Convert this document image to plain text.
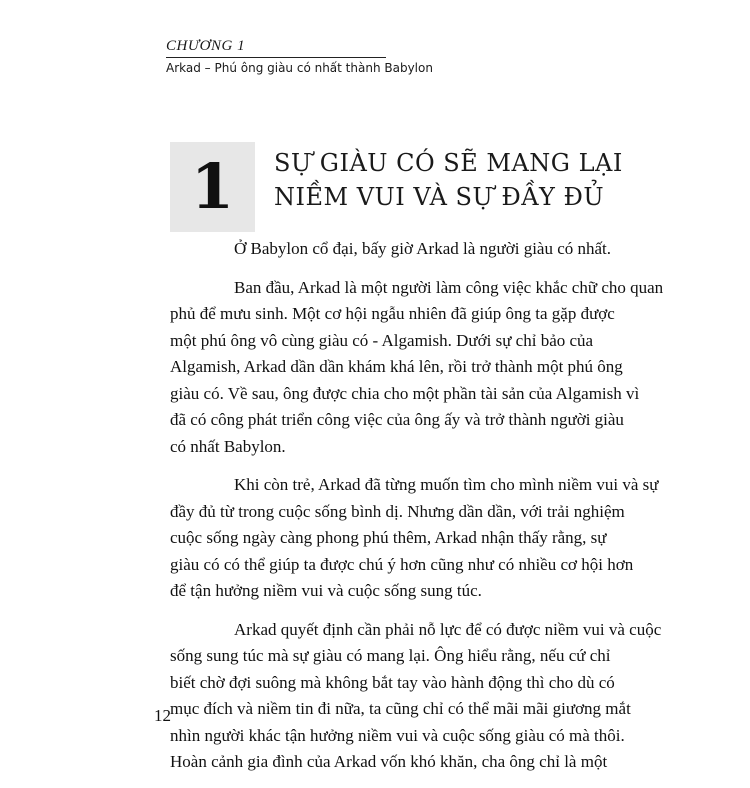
CHƯƠNG 1
Arkad – Phú ông giàu có nhất thành Babylon
1 SỰ GIÀU CÓ SẼ MANG LẠI
NIỀM VUI VÀ SỰ ĐẦY ĐỦ
Ở Babylon cổ đại, bấy giờ Arkad là người giàu có nhất.
Ban đầu, Arkad là một người làm công việc khắc chữ cho quan
phủ để mưu sinh. Một cơ hội ngẫu nhiên đã giúp ông ta gặp được
một phú ông vô cùng giàu có - Algamish. Dưới sự chỉ bảo của
Algamish, Arkad dần dần khám khá lên, rồi trở thành một phú ông
giàu có. Về sau, ông được chia cho một phần tài sản của Algamish vì
đã có công phát triển công việc của ông ấy và trở thành người giàu
có nhất Babylon.
Khi còn trẻ, Arkad đã từng muốn tìm cho mình niềm vui và sự
đầy đủ từ trong cuộc sống bình dị. Nhưng dần dần, với trải nghiệm
cuộc sống ngày càng phong phú thêm, Arkad nhận thấy rằng, sự
giàu có có thể giúp ta được chú ý hơn cũng như có nhiều cơ hội hơn
để tận hưởng niềm vui và cuộc sống sung túc.
Arkad quyết định cần phải nỗ lực để có được niềm vui và cuộc
sống sung túc mà sự giàu có mang lại. Ông hiểu rằng, nếu cứ chỉ
biết chờ đợi suông mà không bắt tay vào hành động thì cho dù có
mục đích và niềm tin đi nữa, ta cũng chỉ có thể mãi mãi giương mắt
nhìn người khác tận hưởng niềm vui và cuộc sống giàu có mà thôi.
Hoàn cảnh gia đình của Arkad vốn khó khăn, cha ông chỉ là một
12
